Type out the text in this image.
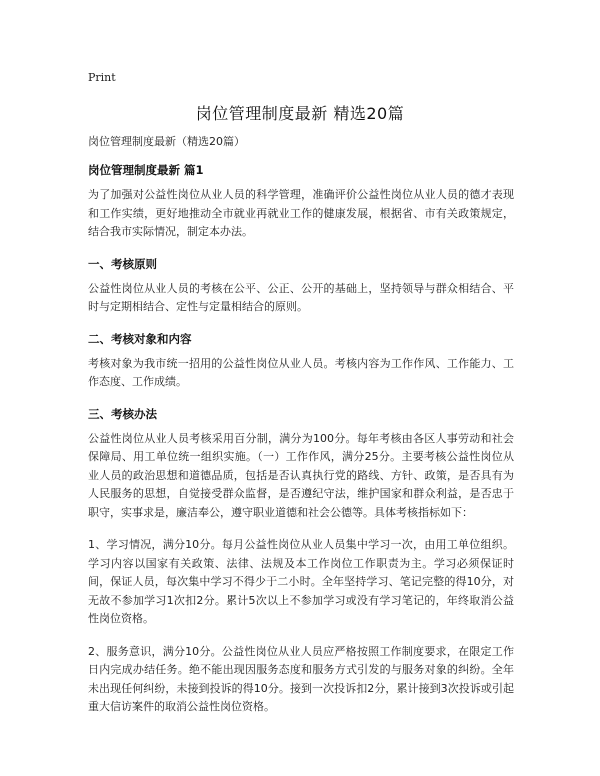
Print
岗位管理制度最新 精选20篇

岗位管理制度最新（精选20篇）

岗位管理制度最新 篇1

为了加强对公益性岗位从业人员的科学管理，准确评价公益性岗位从业人员的德才表现和工作实绩，更好地推动全市就业再就业工作的健康发展，根据省、市有关政策规定，结合我市实际情况，制定本办法。

一、考核原则

公益性岗位从业人员的考核在公平、公正、公开的基础上，坚持领导与群众相结合、平时与定期相结合、定性与定量相结合的原则。

二、考核对象和内容

考核对象为我市统一招用的公益性岗位从业人员。考核内容为工作作风、工作能力、工作态度、工作成绩。

三、考核办法

公益性岗位从业人员考核采用百分制，满分为100分。每年考核由各区人事劳动和社会保障局、用工单位统一组织实施。（一）工作作风，满分25分。主要考核公益性岗位从业人员的政治思想和道德品质，包括是否认真执行党的路线、方针、政策，是否具有为人民服务的思想，自觉接受群众监督，是否遵纪守法，维护国家和群众利益，是否忠于职守，实事求是，廉洁奉公，遵守职业道德和社会公德等。具体考核指标如下：

1、学习情况，满分10分。每月公益性岗位从业人员集中学习一次，由用工单位组织。学习内容以国家有关政策、法律、法规及本工作岗位工作职责为主。学习必须保证时间，保证人员，每次集中学习不得少于二小时。全年坚持学习、笔记完整的得10分，对无故不参加学习1次扣2分。累计5次以上不参加学习或没有学习笔记的，年终取消公益性岗位资格。

2、服务意识，满分10分。公益性岗位从业人员应严格按照工作制度要求，在限定工作日内完成办结任务。绝不能出现因服务态度和服务方式引发的与服务对象的纠纷。全年未出现任何纠纷，未接到投诉的得10分。接到一次投诉扣2分，累计接到3次投诉或引起重大信访案件的取消公益性岗位资格。
